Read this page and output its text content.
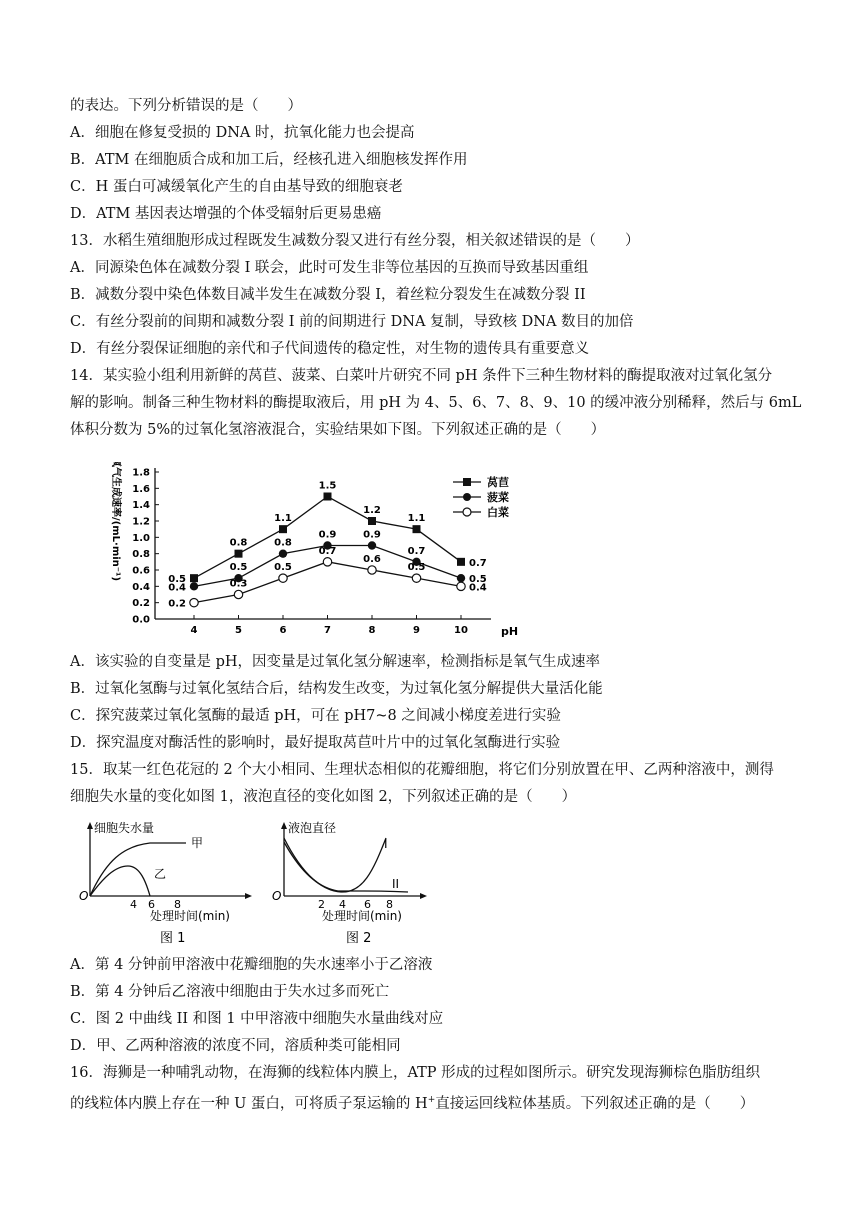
的表达。下列分析错误的是（　　）
A．细胞在修复受损的 DNA 时，抗氧化能力也会提高
B．ATM 在细胞质合成和加工后，经核孔进入细胞核发挥作用
C．H 蛋白可减缓氧化产生的自由基导致的细胞衰老
D．ATM 基因表达增强的个体受辐射后更易患癌
13．水稻生殖细胞形成过程既发生减数分裂又进行有丝分裂，相关叙述错误的是（　　）
A．同源染色体在减数分裂 I 联会，此时可发生非等位基因的互换而导致基因重组
B．减数分裂中染色体数目减半发生在减数分裂 I，着丝粒分裂发生在减数分裂 II
C．有丝分裂前的间期和减数分裂 I 前的间期进行 DNA 复制，导致核 DNA 数目的加倍
D．有丝分裂保证细胞的亲代和子代间遗传的稳定性，对生物的遗传具有重要意义
14．某实验小组利用新鲜的莴苣、菠菜、白菜叶片研究不同 pH 条件下三种生物材料的酶提取液对过氧化氢分
解的影响。制备三种生物材料的酶提取液后，用 pH 为 4、5、6、7、8、9、10 的缓冲液分别稀释，然后与 6mL
体积分数为 5%的过氧化氢溶液混合，实验结果如下图。下列叙述正确的是（　　）
0.0
0.2
0.4
0.6
0.8
1.0
1.2
1.4
1.6
1.8
4	5	6	7	8	9	10	pH
氧气生成速率/(mL·min⁻¹)	0.5
0.8
1.1
1.5
1.2
1.1
0.7
0.4
0.5
0.8
0.9	0.9
0.7
0.5
0.2
0.3
0.5
0.7
0.6
0.5
0.4
莴苣
菠菜
白菜
A．该实验的自变量是 pH，因变量是过氧化氢分解速率，检测指标是氧气生成速率
B．过氧化氢酶与过氧化氢结合后，结构发生改变，为过氧化氢分解提供大量活化能
C．探究菠菜过氧化氢酶的最适 pH，可在 pH7~8 之间减小梯度差进行实验
D．探究温度对酶活性的影响时，最好提取莴苣叶片中的过氧化氢酶进行实验
15．取某一红色花冠的 2 个大小相同、生理状态相似的花瓣细胞，将它们分别放置在甲、乙两种溶液中，测得
细胞失水量的变化如图 1，液泡直径的变化如图 2，下列叙述正确的是（　　）
细胞失水量
O
甲
乙
4 6 8
处理时间(min)
图 1
液泡直径
O
I
II
2 4 6 8
处理时间(min)
图 2
A．第 4 分钟前甲溶液中花瓣细胞的失水速率小于乙溶液
B．第 4 分钟后乙溶液中细胞由于失水过多而死亡
C．图 2 中曲线 II 和图 1 中甲溶液中细胞失水量曲线对应
D．甲、乙两种溶液的浓度不同，溶质种类可能相同
16．海狮是一种哺乳动物，在海狮的线粒体内膜上，ATP 形成的过程如图所示。研究发现海狮棕色脂肪组织
的线粒体内膜上存在一种 U 蛋白，可将质子泵运输的 H+直接运回线粒体基质。下列叙述正确的是（　　）
